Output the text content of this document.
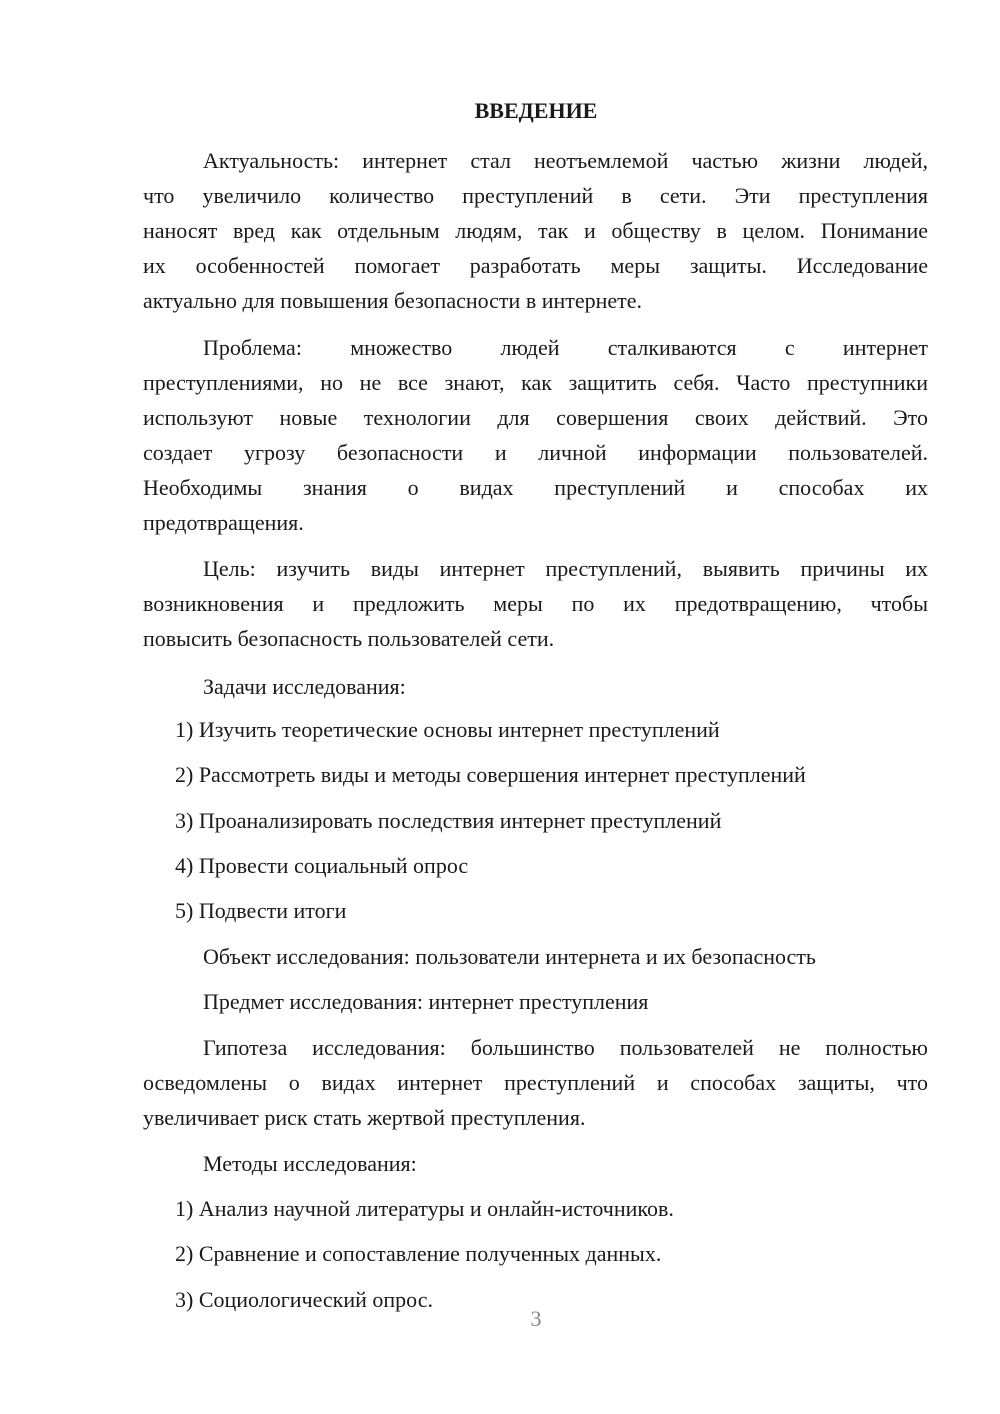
ВВЕДЕНИЕ
Актуальность: интернет стал неотъемлемой частью жизни людей,
что увеличило количество преступлений в сети. Эти преступления
наносят вред как отдельным людям, так и обществу в целом. Понимание
их особенностей помогает разработать меры защиты. Исследование
актуально для повышения безопасности в интернете.
Проблема: множество людей сталкиваются с интернет
преступлениями, но не все знают, как защитить себя. Часто преступники
используют новые технологии для совершения своих действий. Это
создает угрозу безопасности и личной информации пользователей.
Необходимы знания о видах преступлений и способах их
предотвращения.
Цель: изучить виды интернет преступлений, выявить причины их
возникновения и предложить меры по их предотвращению, чтобы
повысить безопасность пользователей сети.
Задачи исследования:
1) Изучить теоретические основы интернет преступлений
2) Рассмотреть виды и методы совершения интернет преступлений
3) Проанализировать последствия интернет преступлений
4) Провести социальный опрос
5) Подвести итоги
Объект исследования: пользователи интернета и их безопасность
Предмет исследования: интернет преступления
Гипотеза исследования: большинство пользователей не полностью
осведомлены о видах интернет преступлений и способах защиты, что
увеличивает риск стать жертвой преступления.
Методы исследования:
1) Анализ научной литературы и онлайн-источников.
2) Сравнение и сопоставление полученных данных.
3) Социологический опрос.
3
